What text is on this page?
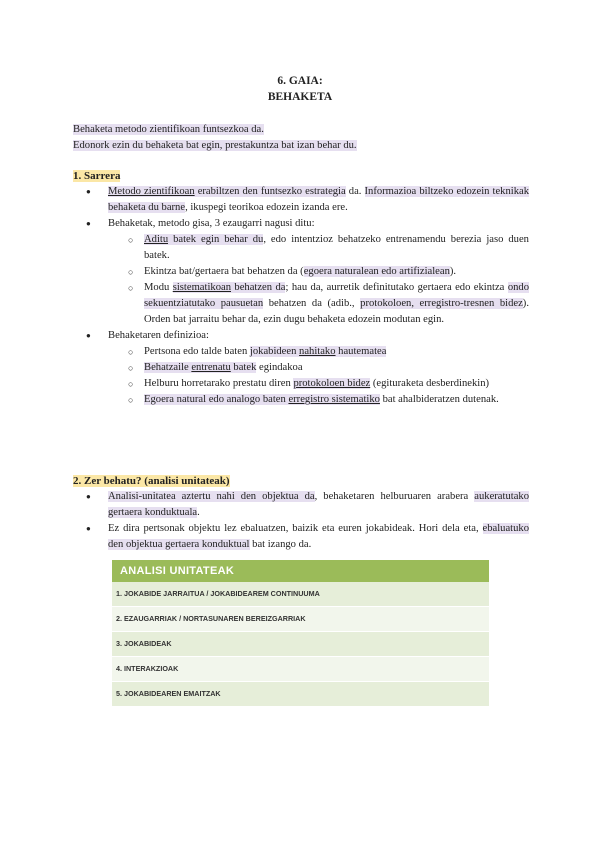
6. GAIA:
BEHAKETA

Behaketa metodo zientifikoan funtsezkoa da.

Edonork ezin du behaketa bat egin, prestakuntza bat izan behar du.

1. Sarrera
● Metodo zientifikoan erabiltzen den funtsezko estrategia da. Informazioa biltzeko edozein teknikak behaketa du barne, ikuspegi teorikoa edozein izanda ere.
● Behaketak, metodo gisa, 3 ezaugarri nagusi ditu:
○ Aditu batek egin behar du, edo intentzioz behatzeko entrenamendu berezia jaso duen batek.
○ Ekintza bat/gertaera bat behatzen da (egoera naturalean edo artifizialean).
○ Modu sistematikoan behatzen da; hau da, aurretik definitutako gertaera edo ekintza ondo sekuentziatutako pausuetan behatzen da (adib., protokoloen, erregistro-tresnen bidez). Orden bat jarraitu behar da, ezin dugu behaketa edozein modutan egin.
● Behaketaren definizioa:
○ Pertsona edo talde baten jokabideen nahitako hautematea
○ Behatzaile entrenatu batek egindakoa
○ Helburu horretarako prestatu diren protokoloen bidez (egituraketa desberdinekin)
○ Egoera natural edo analogo baten erregistro sistematiko bat ahalbideratzen dutenak.
2. Zer behatu? (analisi unitateak)
● Analisi-unitatea aztertu nahi den objektua da, behaketaren helburuaren arabera aukeratutako gertaera konduktuala.
● Ez dira pertsonak objektu lez ebaluatzen, baizik eta euren jokabideak. Hori dela eta, ebaluatuko den objektua gertaera konduktual bat izango da.
ANALISI UNITATEAK
1. JOKABIDE JARRAITUA / JOKABIDEAREM CONTINUUMA
2. EZAUGARRIAK / NORTASUNAREN BEREIZGARRIAK
3. JOKABIDEAK
4. INTERAKZIOAK
5. JOKABIDEAREN EMAITZAK
